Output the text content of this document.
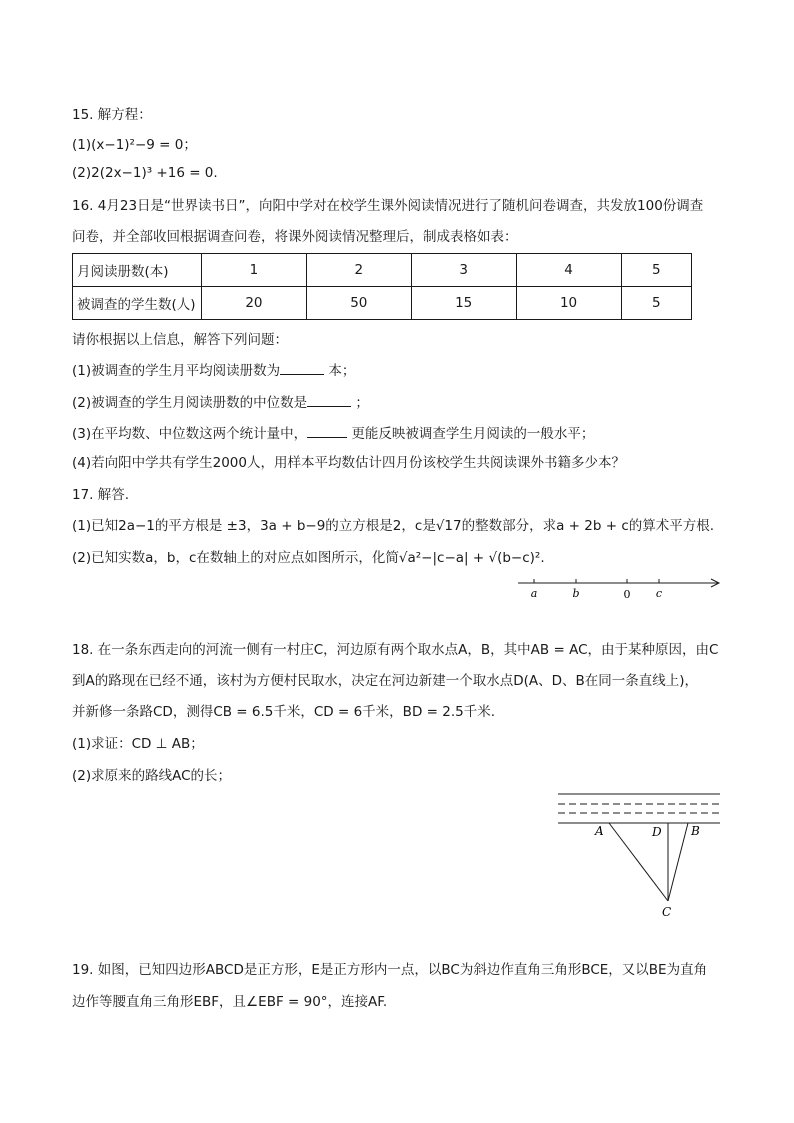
15. 解方程：
(1)(x−1)²−9 = 0；
(2)2(2x−1)³ +16 = 0.
16. 4月23日是“世界读书日”，向阳中学对在校学生课外阅读情况进行了随机问卷调查，共发放100份调查
问卷，并全部收回根据调查问卷，将课外阅读情况整理后，制成表格如表：
月阅读册数(本)	1	2	3	4	5
被调查的学生数(人)	20	50	15	10	5
请你根据以上信息，解答下列问题：
(1)被调查的学生月平均阅读册数为	本；
(2)被调查的学生月阅读册数的中位数是	；
(3)在平均数、中位数这两个统计量中，	更能反映被调查学生月阅读的一般水平；
(4)若向阳中学共有学生2000人，用样本平均数估计四月份该校学生共阅读课外书籍多少本？
17. 解答.
(1)已知2a−1的平方根是 ±3，3a + b−9的立方根是2，c是√17的整数部分，求a + 2b + c的算术平方根.
(2)已知实数a，b，c在数轴上的对应点如图所示，化简√a²−|c−a| + √(b−c)².
a	b	0 c
18. 在一条东西走向的河流一侧有一村庄C，河边原有两个取水点A，B，其中AB = AC，由于某种原因，由C
到A的路现在已经不通，该村为方便村民取水，决定在河边新建一个取水点D(A、D、B在同一条直线上)，
并新修一条路CD，测得CB = 6.5千米，CD = 6千米，BD = 2.5千米.
(1)求证：CD ⊥ AB；
(2)求原来的路线AC的长；
A	D B
C
19. 如图，已知四边形ABCD是正方形，E是正方形内一点，以BC为斜边作直角三角形BCE，又以BE为直角
边作等腰直角三角形EBF，且∠EBF = 90°，连接AF.
